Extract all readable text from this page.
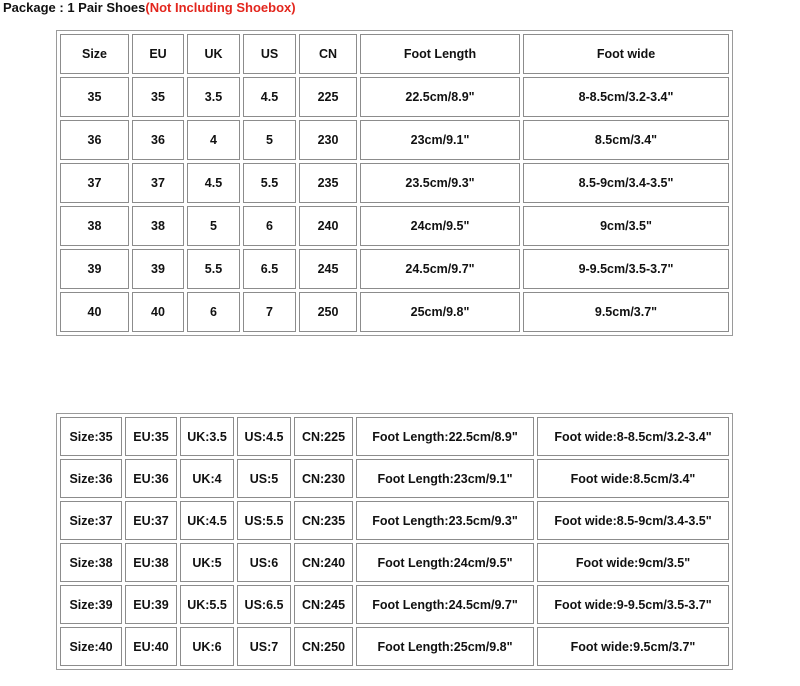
Package : 1 Pair Shoes(Not Including Shoebox)
Size	EU	UK	US	CN	Foot Length	Foot wide
35	35	3.5	4.5	225	22.5cm/8.9"	8-8.5cm/3.2-3.4"
36	36	4	5	230	23cm/9.1"	8.5cm/3.4"
37	37	4.5	5.5	235	23.5cm/9.3"	8.5-9cm/3.4-3.5"
38	38	5	6	240	24cm/9.5"	9cm/3.5"
39	39	5.5	6.5	245	24.5cm/9.7"	9-9.5cm/3.5-3.7"
40	40	6	7	250	25cm/9.8"	9.5cm/3.7"
Size:35	EU:35	UK:3.5	US:4.5	CN:225	Foot Length:22.5cm/8.9"	Foot wide:8-8.5cm/3.2-3.4"
Size:36	EU:36	UK:4	US:5	CN:230	Foot Length:23cm/9.1"	Foot wide:8.5cm/3.4"
Size:37	EU:37	UK:4.5	US:5.5	CN:235	Foot Length:23.5cm/9.3"	Foot wide:8.5-9cm/3.4-3.5"
Size:38	EU:38	UK:5	US:6	CN:240	Foot Length:24cm/9.5"	Foot wide:9cm/3.5"
Size:39	EU:39	UK:5.5	US:6.5	CN:245	Foot Length:24.5cm/9.7"	Foot wide:9-9.5cm/3.5-3.7"
Size:40	EU:40	UK:6	US:7	CN:250	Foot Length:25cm/9.8"	Foot wide:9.5cm/3.7"
